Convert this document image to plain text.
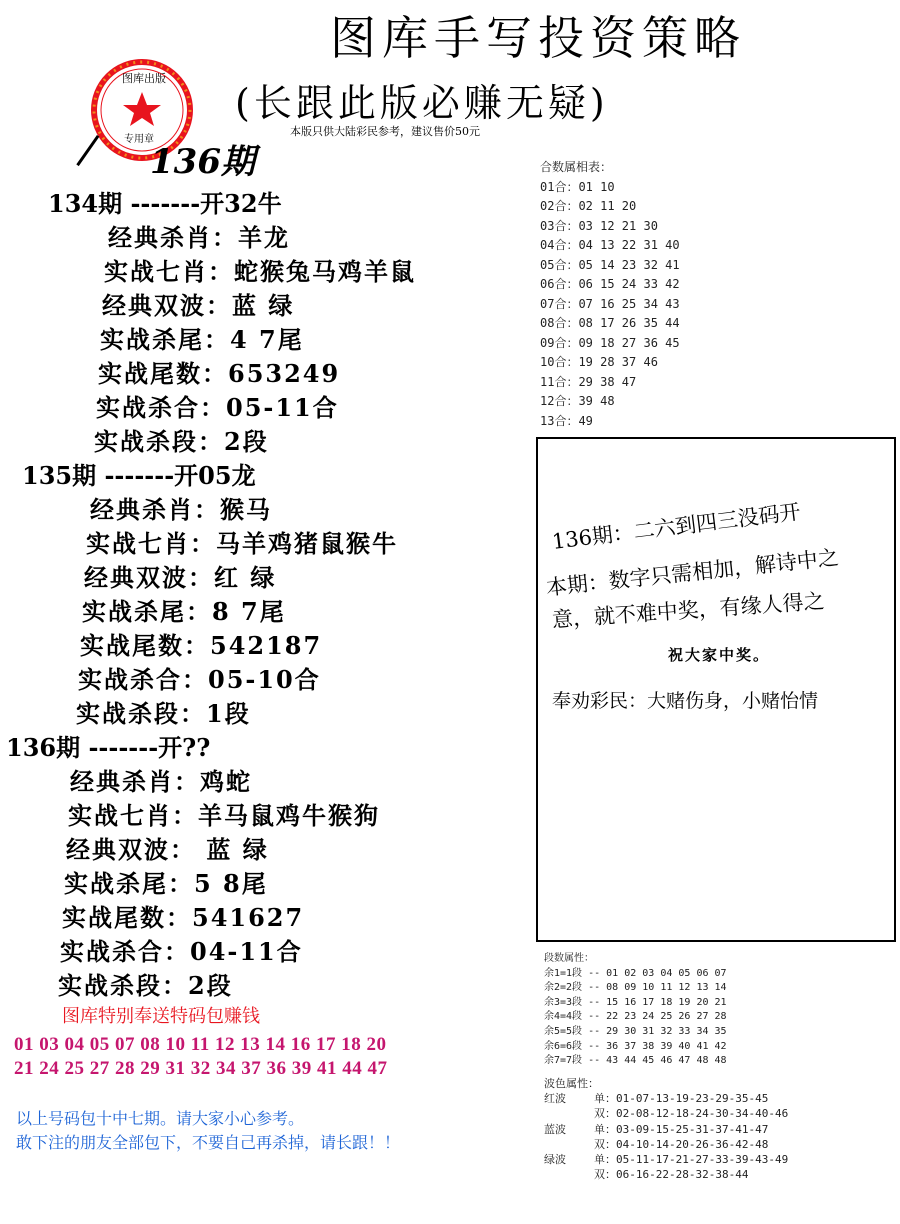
图库手写投资策略
(长跟此版必赚无疑)
本版只供大陆彩民参考，建议售价50元
图库出版
专用章
136期
134期 -------开32牛
经典杀肖：羊龙
实战七肖：蛇猴兔马鸡羊鼠
经典双波：蓝 绿
实战杀尾：4 7尾
实战尾数：653249
实战杀合：05-11合
实战杀段：2段
135期 -------开05龙
经典杀肖：猴马
实战七肖：马羊鸡猪鼠猴牛
经典双波：红 绿
实战杀尾：8 7尾
实战尾数：542187
实战杀合：05-10合
实战杀段：1段
136期 -------开??
经典杀肖：鸡蛇
实战七肖：羊马鼠鸡牛猴狗
经典双波： 蓝 绿
实战杀尾：5 8尾
实战尾数：541627
实战杀合：04-11合
实战杀段：2段
图库特别奉送特码包赚钱
01 03 04 05 07 08 10 11 12 13 14 16 17 18 20
21 24 25 27 28 29 31 32 34 37 36 39 41 44 47
以上号码包十中七期。请大家小心参考。
敢下注的朋友全部包下，不要自己再杀掉，请长跟！！
合数属相表：
01合：01 10
02合：02 11 20
03合：03 12 21 30
04合：04 13 22 31 40
05合：05 14 23 32 41
06合：06 15 24 33 42
07合：07 16 25 34 43
08合：08 17 26 35 44
09合：09 18 27 36 45
10合：19 28 37 46
11合：29 38 47
12合：39 48
13合：49
136期：二六到四三没码开
本期：数字只需相加，解诗中之
意，就不难中奖，有缘人得之
祝大家中奖。
奉劝彩民：大赌伤身，小赌怡情
段数属性：
余1=1段 -- 01 02 03 04 05 06 07
余2=2段 -- 08 09 10 11 12 13 14
余3=3段 -- 15 16 17 18 19 20 21
余4=4段 -- 22 23 24 25 26 27 28
余5=5段 -- 29 30 31 32 33 34 35
余6=6段 -- 36 37 38 39 40 41 42
余7=7段 -- 43 44 45 46 47 48 48
波色属性：
红波	单：01-07-13-19-23-29-35-45
双：02-08-12-18-24-30-34-40-46
蓝波	单：03-09-15-25-31-37-41-47
双：04-10-14-20-26-36-42-48
绿波	单：05-11-17-21-27-33-39-43-49
双：06-16-22-28-32-38-44
